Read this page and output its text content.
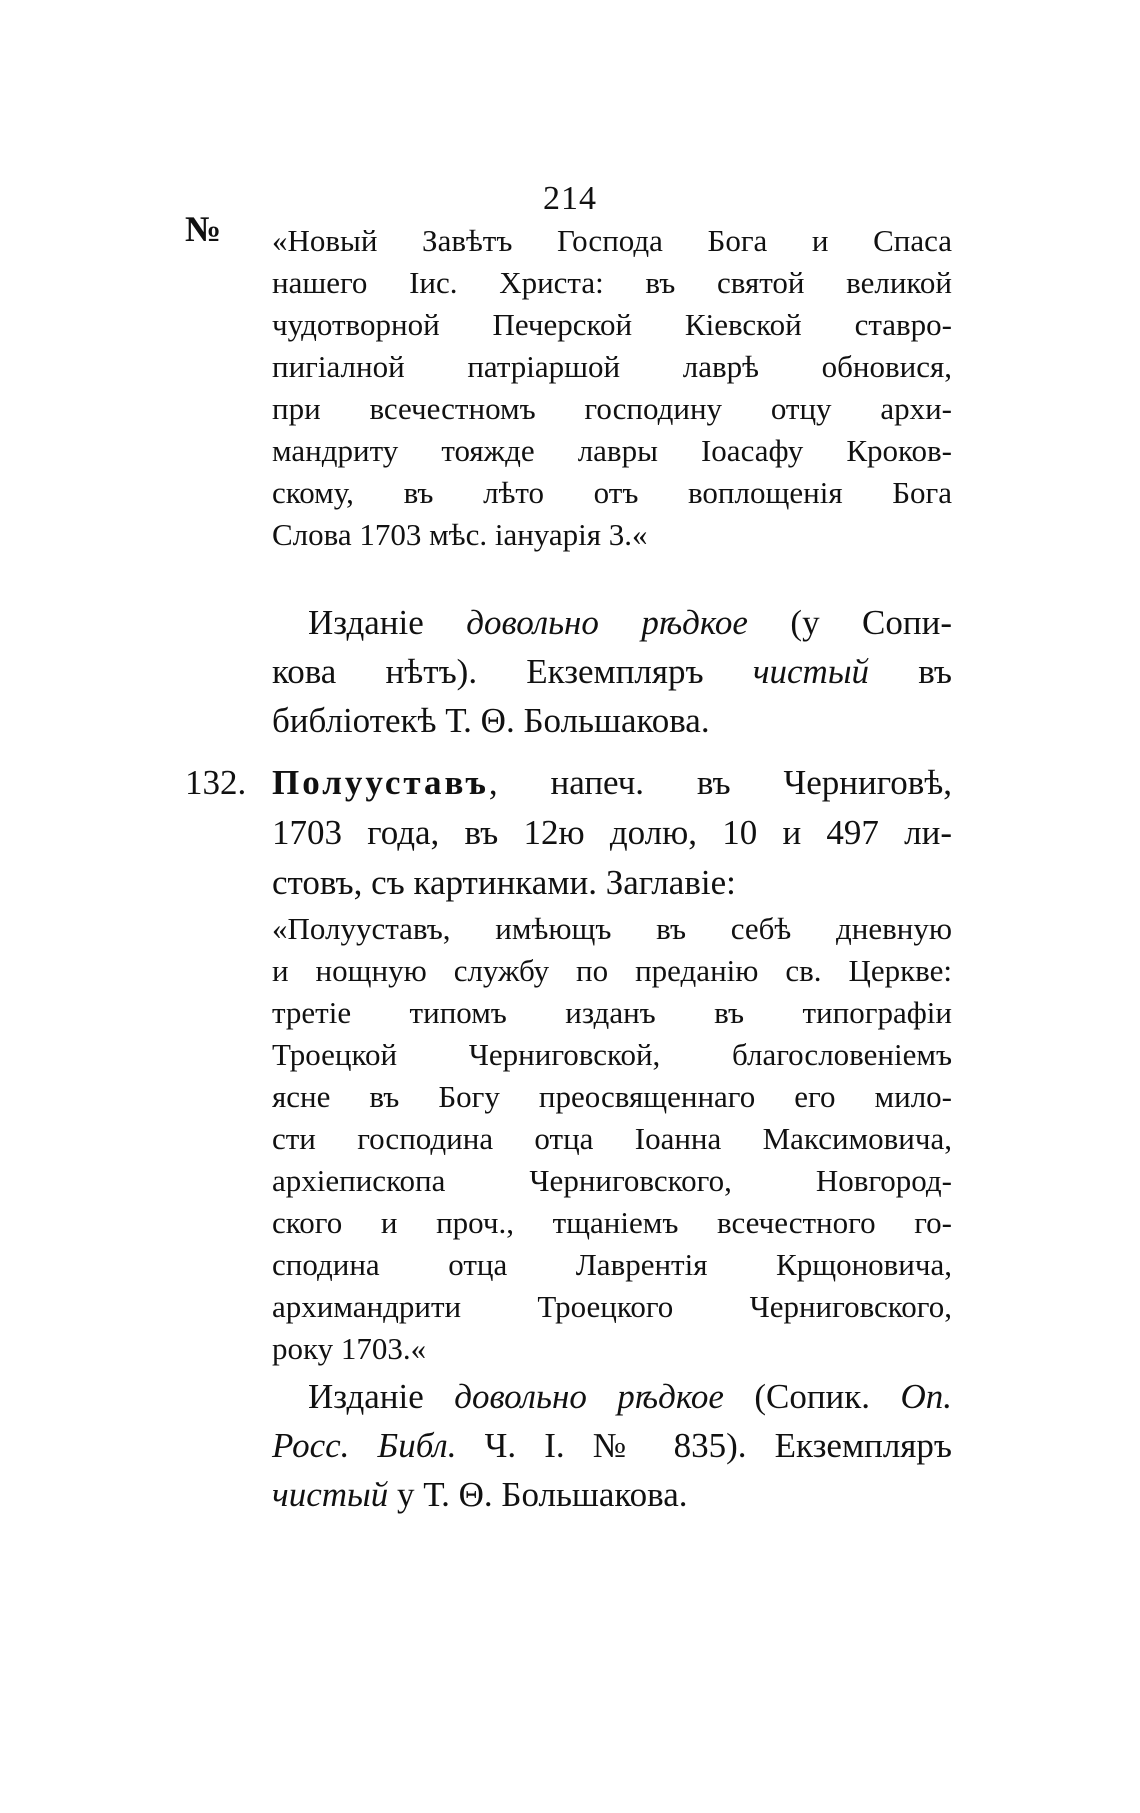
214
№ «Новый Завѣтъ Господа Бога и Спаса
нашего Іис. Христа: въ святой великой
чудотворной Печерской Кіевской ставро-
пигіалной патріаршой лаврѣ обновися,
при всечестномъ господину отцу архи-
мандриту тояжде лавры Іоасафу Кроков-
скому, въ лѣто отъ воплощенія Бога
Слова 1703 мѣс. іануарія 3.«
Изданіе довольно рѣдкое (у Сопи-
кова нѣтъ). Екземпляръ чистый въ
библіотекѣ Т. Θ. Большакова.
132. Полууставъ, напеч. въ Черниговѣ,
1703 года, въ 12ю долю, 10 и 497 ли-
стовъ, съ картинками. Заглавіе:
«Полууставъ, имѣющъ въ себѣ дневную
и нощную службу по преданію св. Церкве:
третіе типомъ изданъ въ типографіи
Троецкой Черниговской, благословеніемъ
ясне въ Богу преосвященнаго его мило-
сти господина отца Іоанна Максимовича,
архіепископа Черниговского, Новгород-
ского и проч., тщаніемъ всечестного го-
сподина отца Лаврентія Крщоновича,
архимандрити Троецкого Черниговского,
року 1703.«
Изданіе довольно рѣдкое (Сопик. Оп.
Росс. Библ. Ч. I. № 835). Екземпляръ
чистый у Т. Θ. Большакова.
